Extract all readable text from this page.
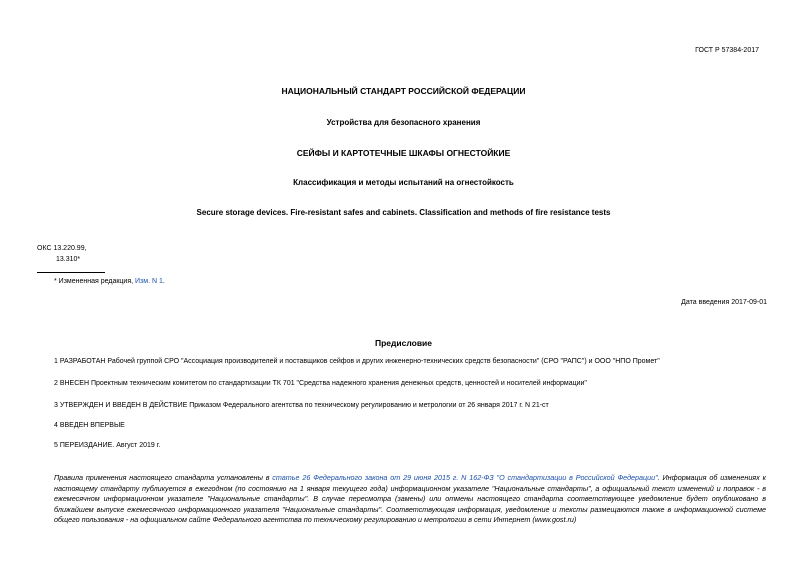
ГОСТ Р 57384-2017
НАЦИОНАЛЬНЫЙ СТАНДАРТ РОССИЙСКОЙ ФЕДЕРАЦИИ
Устройства для безопасного хранения
СЕЙФЫ И КАРТОТЕЧНЫЕ ШКАФЫ ОГНЕСТОЙКИЕ
Классификация и методы испытаний на огнестойкость
Secure storage devices. Fire-resistant safes and cabinets. Classification and methods of fire resistance tests
ОКС 13.220.99,
13.310*
* Измененная редакция, Изм. N 1.
Дата введения 2017-09-01
Предисловие
1 РАЗРАБОТАН Рабочей группой СРО "Ассоциация производителей и поставщиков сейфов и других инженерно-технических средств безопасности" (СРО "РАПС") и ООО "НПО Промет"
2 ВНЕСЕН Проектным техническим комитетом по стандартизации ТК 701 "Средства надежного хранения денежных средств, ценностей и носителей информации"
3 УТВЕРЖДЕН И ВВЕДЕН В ДЕЙСТВИЕ Приказом Федерального агентства по техническому регулированию и метрологии от 26 января 2017 г. N 21-ст
4 ВВЕДЕН ВПЕРВЫЕ
5 ПЕРЕИЗДАНИЕ. Август 2019 г.
Правила применения настоящего стандарта установлены в статье 26 Федерального закона от 29 июня 2015 г. N 162-ФЗ "О стандартизации в Российской Федерации". Информация об изменениях к настоящему стандарту публикуется в ежегодном (по состоянию на 1 января текущего года) информационном указателе "Национальные стандарты", а официальный текст изменений и поправок - в ежемесячном информационном указателе "Национальные стандарты". В случае пересмотра (замены) или отмены настоящего стандарта соответствующее уведомление будет опубликовано в ближайшем выпуске ежемесячного информационного указателя "Национальные стандарты". Соответствующая информация, уведомление и тексты размещаются также в информационной системе общего пользования - на официальном сайте Федерального агентства по техническому регулированию и метрологии в сети Интернет (www.gost.ru)
